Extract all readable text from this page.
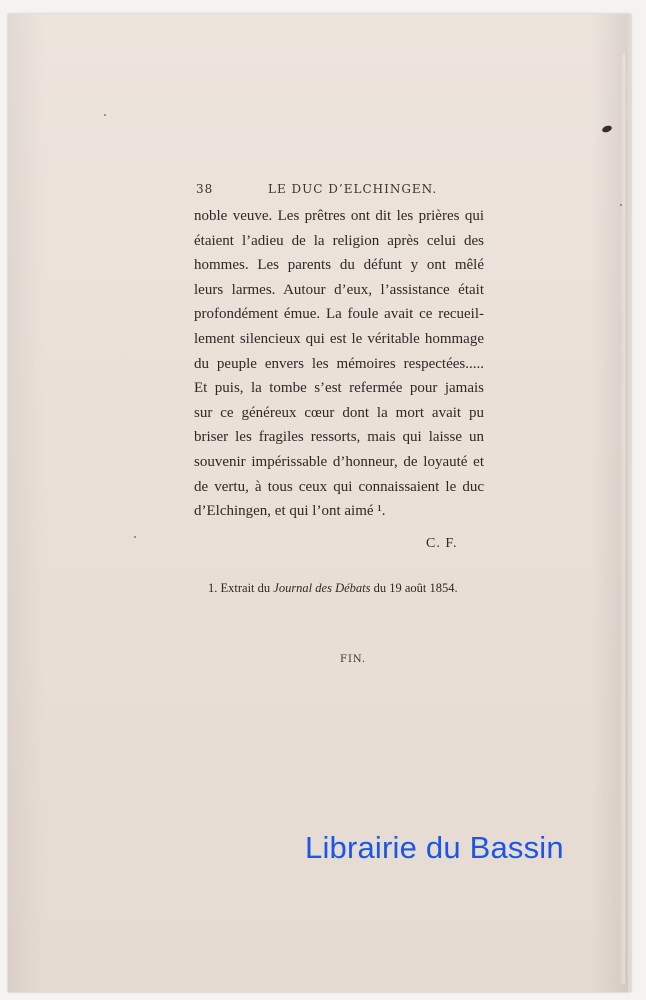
38	LE DUC D’ELCHINGEN.
noble veuve. Les prêtres ont dit les prières qui
étaient l’adieu de la religion après celui des
hommes. Les parents du défunt y ont mêlé
leurs larmes. Autour d’eux, l’assistance était
profondément émue. La foule avait ce recueil-
lement silencieux qui est le véritable hommage
du peuple envers les mémoires respectées.....
Et puis, la tombe s’est refermée pour jamais
sur ce généreux cœur dont la mort avait pu
briser les fragiles ressorts, mais qui laisse un
souvenir impérissable d’honneur, de loyauté et
de vertu, à tous ceux qui connaissaient le duc
d’Elchingen, et qui l’ont aimé ¹.
C. F.
1. Extrait du Journal des Débats du 19 août 1854.
FIN.
Librairie du Bassin
